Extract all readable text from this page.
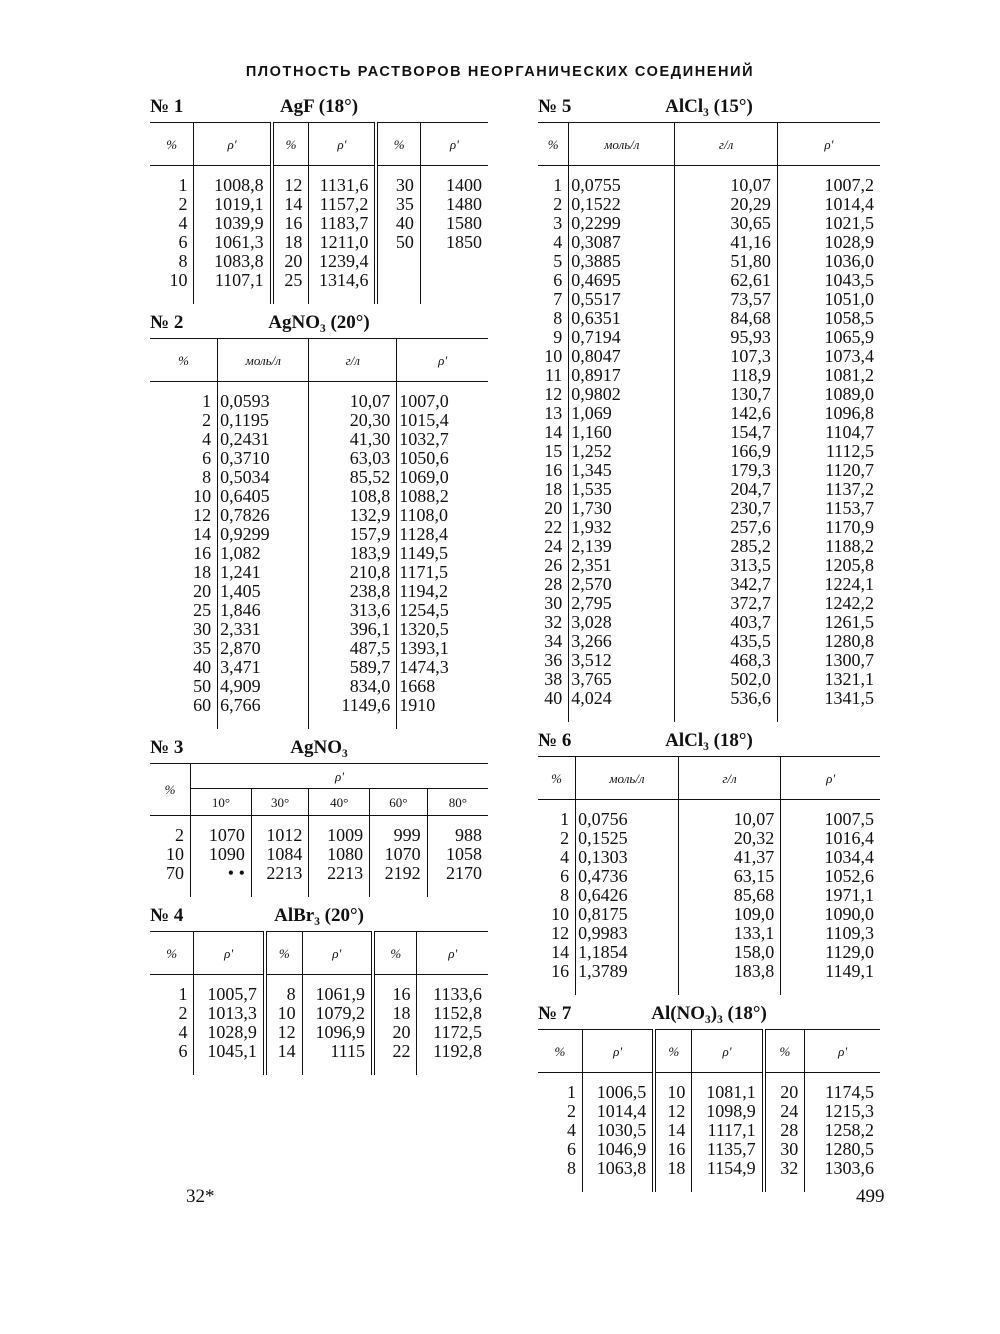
ПЛОТНОСТЬ РАСТВОРОВ НЕОРГАНИЧЕСКИХ СОЕДИНЕНИЙ
№ 1	AgF (18°)
%	ρ'	%	ρ'	%	ρ'
1	1008,8	12	1131,6	30	1400
2	1019,1	14	1157,2	35	1480
4	1039,9	16	1183,7	40	1580
6	1061,3	18	1211,0	50	1850
8	1083,8	20	1239,4		
10	1107,1	25	1314,6		
№ 2	AgNO₃ (20°)
%	моль/л	г/л	ρ'
1	0,0593	10,07	1007,0
2	0,1195	20,30	1015,4
4	0,2431	41,30	1032,7
6	0,3710	63,03	1050,6
8	0,5034	85,52	1069,0
10	0,6405	108,8	1088,2
12	0,7826	132,9	1108,0
14	0,9299	157,9	1128,4
16	1,082	183,9	1149,5
18	1,241	210,8	1171,5
20	1,405	238,8	1194,2
25	1,846	313,6	1254,5
30	2,331	396,1	1320,5
35	2,870	487,5	1393,1
40	3,471	589,7	1474,3
50	4,909	834,0	1668
60	6,766	1149,6	1910
№ 3	AgNO₃
%	ρ'				
	10°	30°	40°	60°	80°
2	1070	1012	1009	999	988
10	1090	1084	1080	1070	1058
70	• •	2213	2213	2192	2170
№ 4	AlBr₃ (20°)
%	ρ'	%	ρ'	%	ρ'
1	1005,7	8	1061,9	16	1133,6
2	1013,3	10	1079,2	18	1152,8
4	1028,9	12	1096,9	20	1172,5
6	1045,1	14	1115	22	1192,8
№ 5	AlCl₃ (15°)
%	моль/л	г/л	ρ'
1	0,0755	10,07	1007,2
2	0,1522	20,29	1014,4
3	0,2299	30,65	1021,5
4	0,3087	41,16	1028,9
5	0,3885	51,80	1036,0
6	0,4695	62,61	1043,5
7	0,5517	73,57	1051,0
8	0,6351	84,68	1058,5
9	0,7194	95,93	1065,9
10	0,8047	107,3	1073,4
11	0,8917	118,9	1081,2
12	0,9802	130,7	1089,0
13	1,069	142,6	1096,8
14	1,160	154,7	1104,7
15	1,252	166,9	1112,5
16	1,345	179,3	1120,7
18	1,535	204,7	1137,2
20	1,730	230,7	1153,7
22	1,932	257,6	1170,9
24	2,139	285,2	1188,2
26	2,351	313,5	1205,8
28	2,570	342,7	1224,1
30	2,795	372,7	1242,2
32	3,028	403,7	1261,5
34	3,266	435,5	1280,8
36	3,512	468,3	1300,7
38	3,765	502,0	1321,1
40	4,024	536,6	1341,5
№ 6	AlCl₃ (18°)
%	моль/л	г/л	ρ'
1	0,0756	10,07	1007,5
2	0,1525	20,32	1016,4
4	0,1303	41,37	1034,4
6	0,4736	63,15	1052,6
8	0,6426	85,68	1971,1
10	0,8175	109,0	1090,0
12	0,9983	133,1	1109,3
14	1,1854	158,0	1129,0
16	1,3789	183,8	1149,1
№ 7	Al(NO₃)₃ (18°)
%	ρ'	%	ρ'	%	ρ'
1	1006,5	10	1081,1	20	1174,5
2	1014,4	12	1098,9	24	1215,3
4	1030,5	14	1117,1	28	1258,2
6	1046,9	16	1135,7	30	1280,5
8	1063,8	18	1154,9	32	1303,6
32*	499
